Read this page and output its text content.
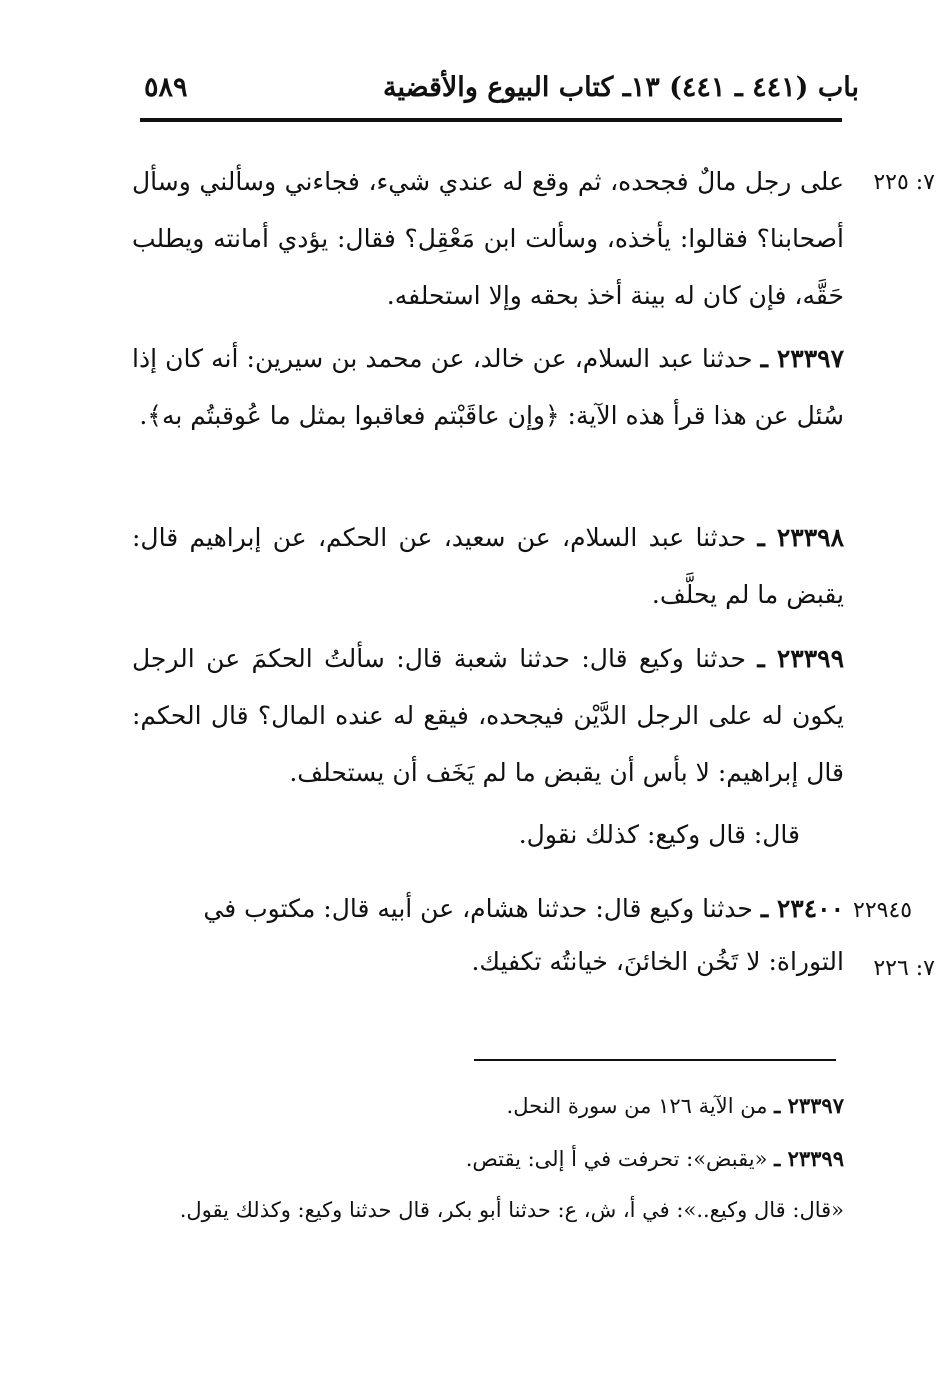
باب (٤٤١ ـ ٤٤١) ١٣ـ كتاب البيوع والأقضية
٥٨٩
٧: ٢٢٥
٢٢٩٤٥
٧: ٢٢٦
على رجل مالٌ فجحده، ثم وقع له عندي شيء، فجاءني وسألني وسأل أصحابنا؟ فقالوا: يأخذه، وسألت ابن مَعْقِل؟ فقال: يؤدي أمانته ويطلب حَقَّه، فإن كان له بينة أخذ بحقه وإلا استحلفه.
٢٣٣٩٧ ـ حدثنا عبد السلام، عن خالد، عن محمد بن سيرين: أنه كان إذا سُئل عن هذا قرأ هذه الآية: ﴿وإن عاقَبْتم فعاقبوا بمثل ما عُوقبتُم به﴾.
٢٣٣٩٨ ـ حدثنا عبد السلام، عن سعيد، عن الحكم، عن إبراهيم قال: يقبض ما لم يحلَّف.
٢٣٣٩٩ ـ حدثنا وكيع قال: حدثنا شعبة قال: سألتُ الحكمَ عن الرجل يكون له على الرجل الدَّيْن فيجحده، فيقع له عنده المال؟ قال الحكم: قال إبراهيم: لا بأس أن يقبض ما لم يَخَف أن يستحلف.
قال: قال وكيع: كذلك نقول.
٢٣٤٠٠ ـ حدثنا وكيع قال: حدثنا هشام، عن أبيه قال: مكتوب في
التوراة: لا تَخُن الخائنَ، خيانتُه تكفيك.
٢٣٣٩٧ ـ من الآية ١٢٦ من سورة النحل.
٢٣٣٩٩ ـ «يقبض»: تحرفت في أ إلى: يقتص.
«قال: قال وكيع..»: في أ، ش، ع: حدثنا أبو بكر، قال حدثنا وكيع: وكذلك يقول.
